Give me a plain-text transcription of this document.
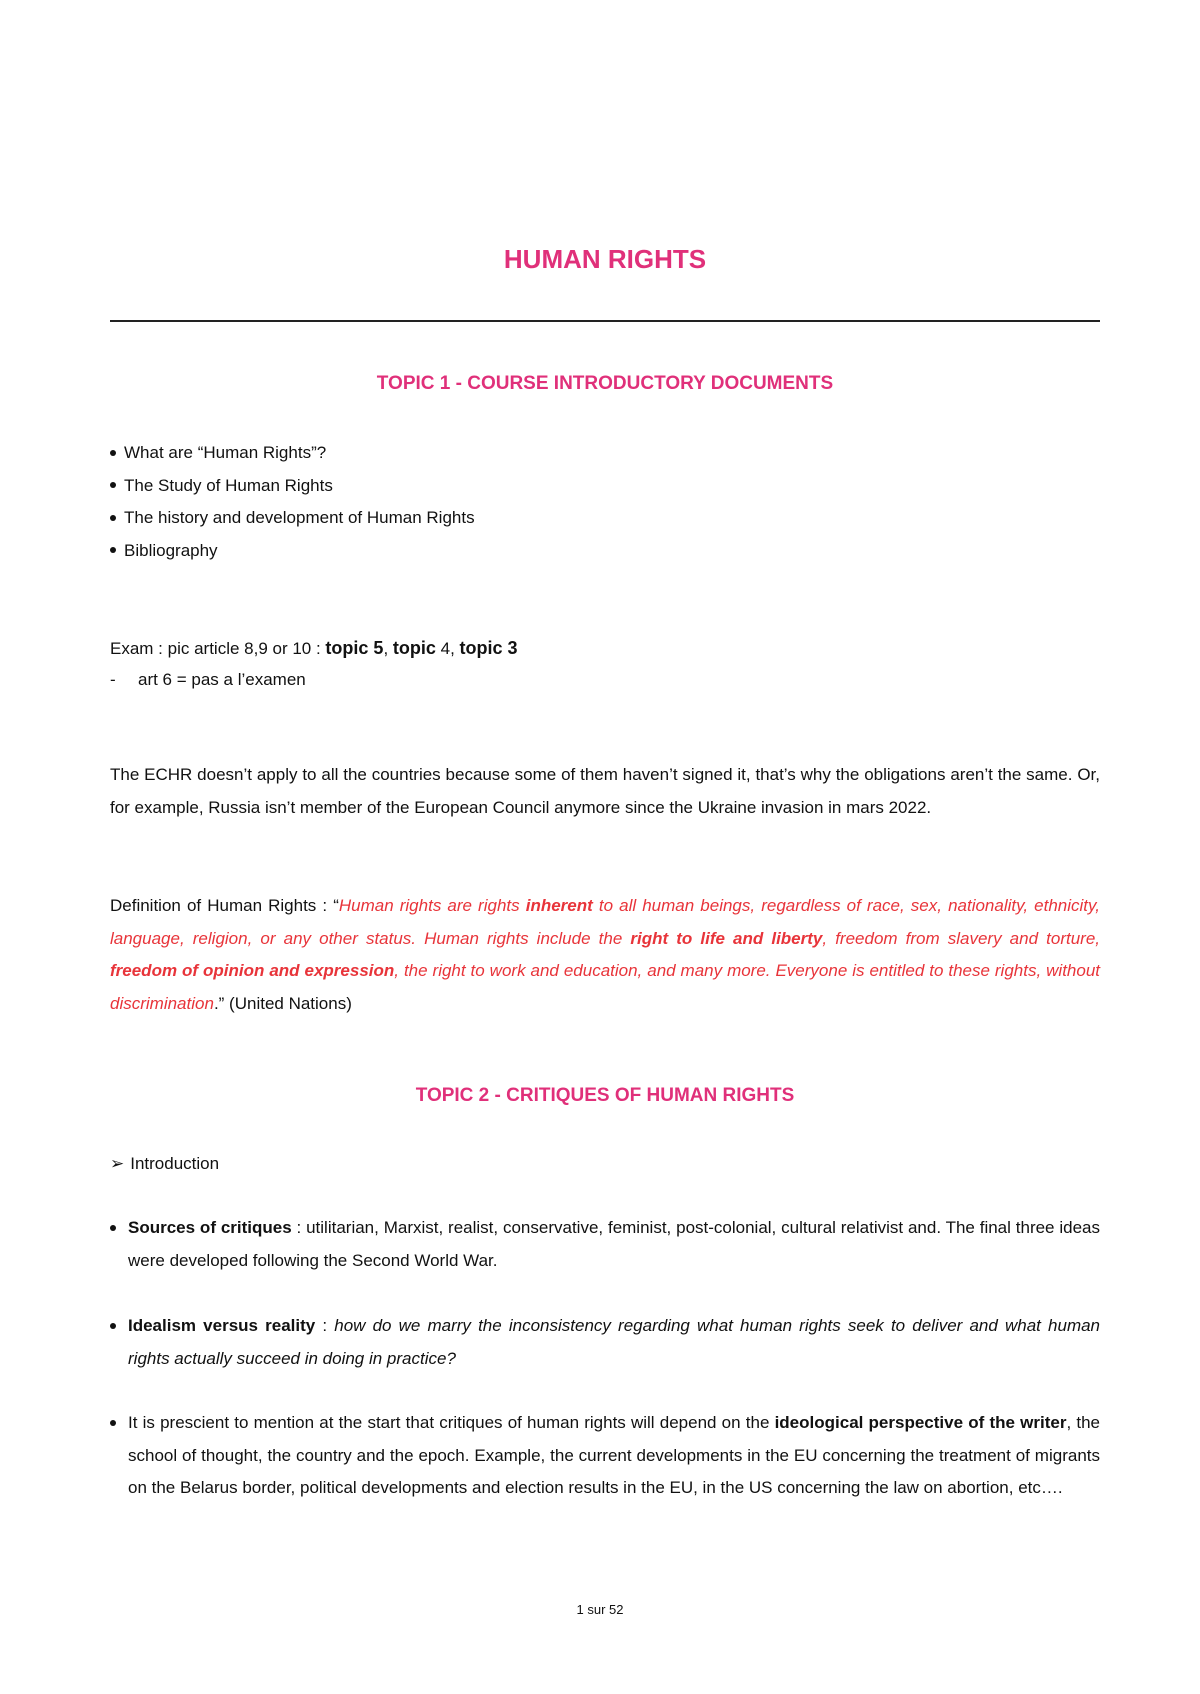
HUMAN RIGHTS
TOPIC 1 - COURSE INTRODUCTORY DOCUMENTS
What are “Human Rights”?
The Study of Human Rights
The history and development of Human Rights
Bibliography
Exam : pic article 8,9 or 10 : topic 5, topic 4, topic 3
- art 6 = pas a l’examen
The ECHR doesn’t apply to all the countries because some of them haven’t signed it, that’s why the obligations aren’t the same. Or, for example, Russia isn’t member of the European Council anymore since the Ukraine invasion in mars 2022.
Definition of Human Rights : “Human rights are rights inherent to all human beings, regardless of race, sex, nationality, ethnicity, language, religion, or any other status. Human rights include the right to life and liberty, freedom from slavery and torture, freedom of opinion and expression, the right to work and education, and many more. Everyone is entitled to these rights, without discrimination.” (United Nations)
TOPIC 2 - CRITIQUES OF HUMAN RIGHTS
➢ Introduction
Sources of critiques : utilitarian, Marxist, realist, conservative, feminist, post-colonial, cultural relativist and. The final three ideas were developed following the Second World War.
Idealism versus reality : how do we marry the inconsistency regarding what human rights seek to deliver and what human rights actually succeed in doing in practice?
It is prescient to mention at the start that critiques of human rights will depend on the ideological perspective of the writer, the school of thought, the country and the epoch. Example, the current developments in the EU concerning the treatment of migrants on the Belarus border, political developments and election results in the EU, in the US concerning the law on abortion, etc….
1 sur 52
